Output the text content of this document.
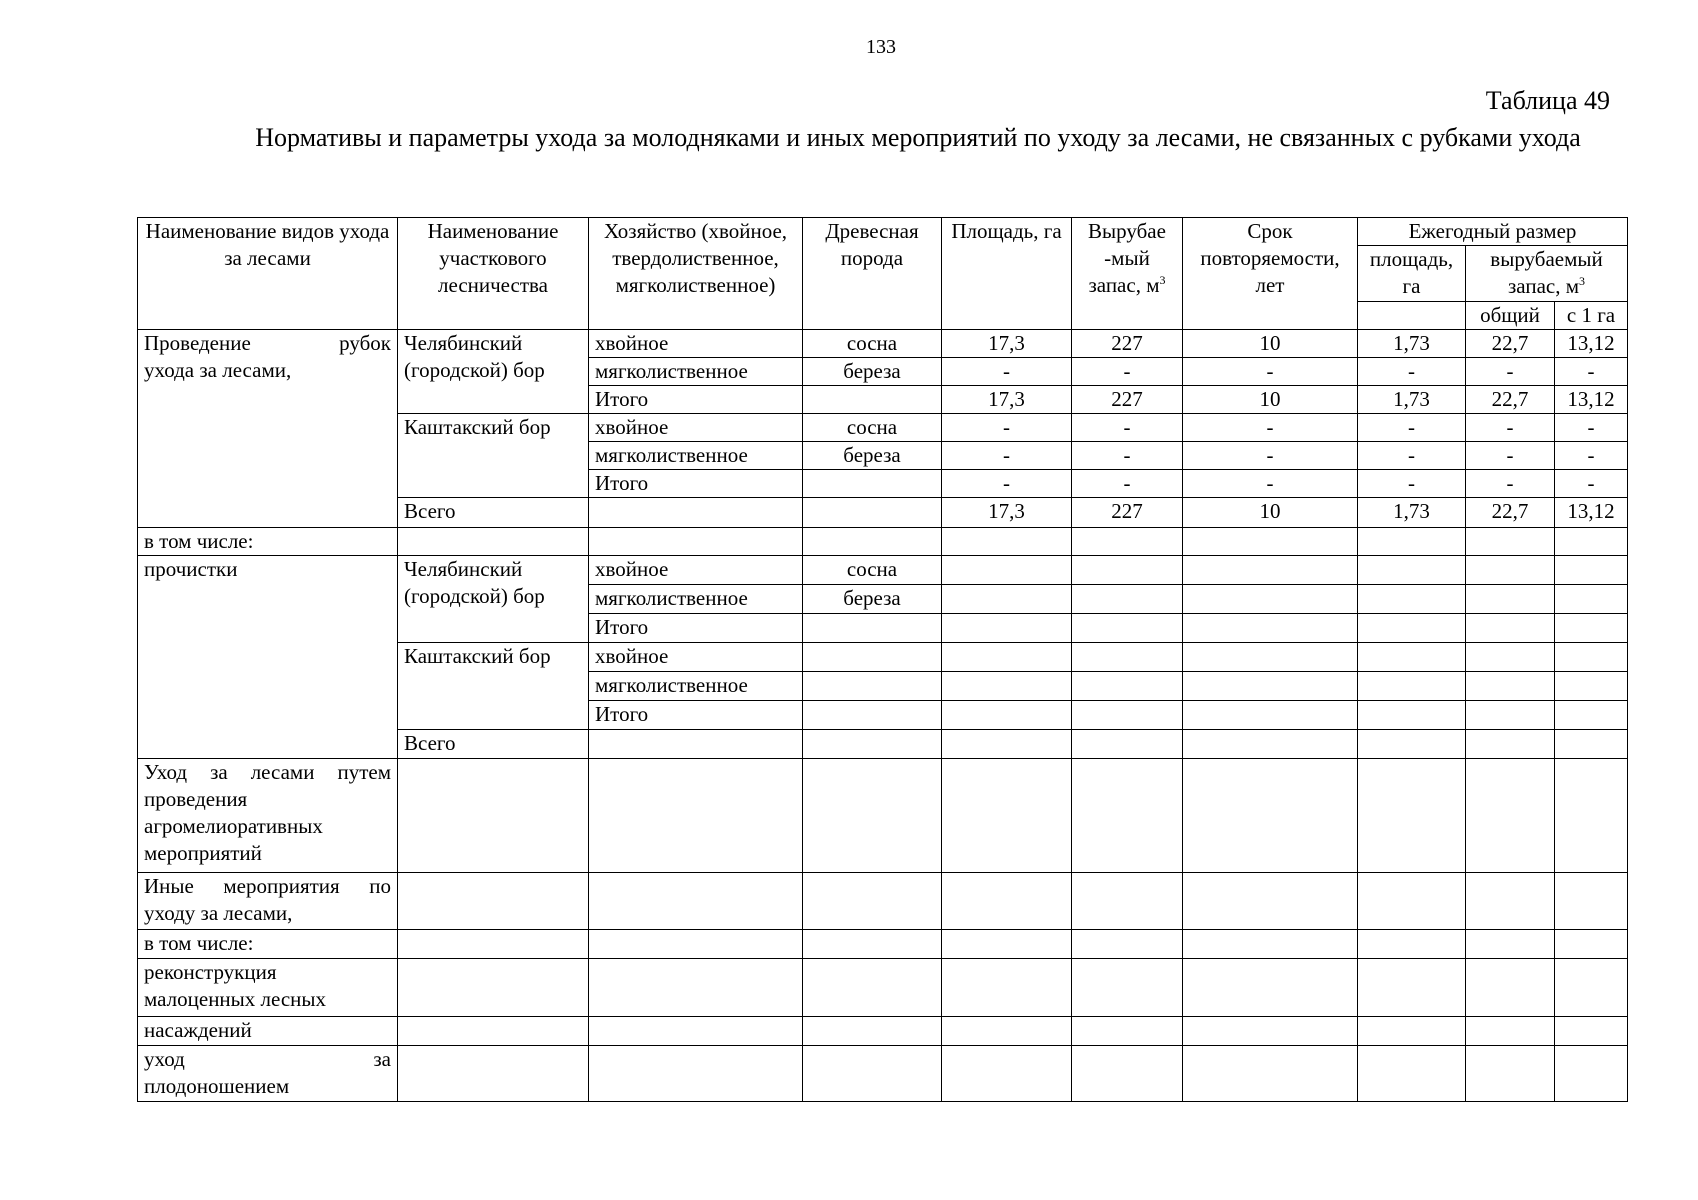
133
Таблица 49
Нормативы и параметры ухода за молодняками и иных мероприятий по уходу за лесами, не связанных с рубками ухода
Наименование видов ухода за лесами	Наименование участкового лесничества	Хозяйство (хвойное, твердолиственное, мягколиственное)	Древесная порода	Площадь, га	Вырубае -мый запас, $м^3$	Срок повторяемости, лет	Ежегодный размер		
							площадь, га	вырубаемый запас, $м^3$

								общий	с 1 га

Проведение рубок
ухода за лесами,	Челябинский (городской) бор	хвойное	сосна	17,3	227	10	1,73	22,7	13,12
		мягколиственное	береза	-	-	-	-	-	-
		Итого		17,3	227	10	1,73	22,7	13,12
	Каштакский бор	хвойное	сосна	-	-	-	-	-	-
		мягколиственное	береза	-	-	-	-	-	-
		Итого		-	-	-	-	-	-
	Всего			17,3	227	10	1,73	22,7	13,12
в том числе:									
прочистки	Челябинский (городской) бор	хвойное	сосна						
		мягколиственное	береза						
		Итого							
	Каштакский бор	хвойное							
		мягколиственное							
		Итого							
	Всего								
Уход за лесами путем проведения агромелиоративных мероприятий									
Иные мероприятия по уходу за лесами,									
в том числе:									
реконструкция малоценных лесных									
насаждений									

уход за
плодоношением									
